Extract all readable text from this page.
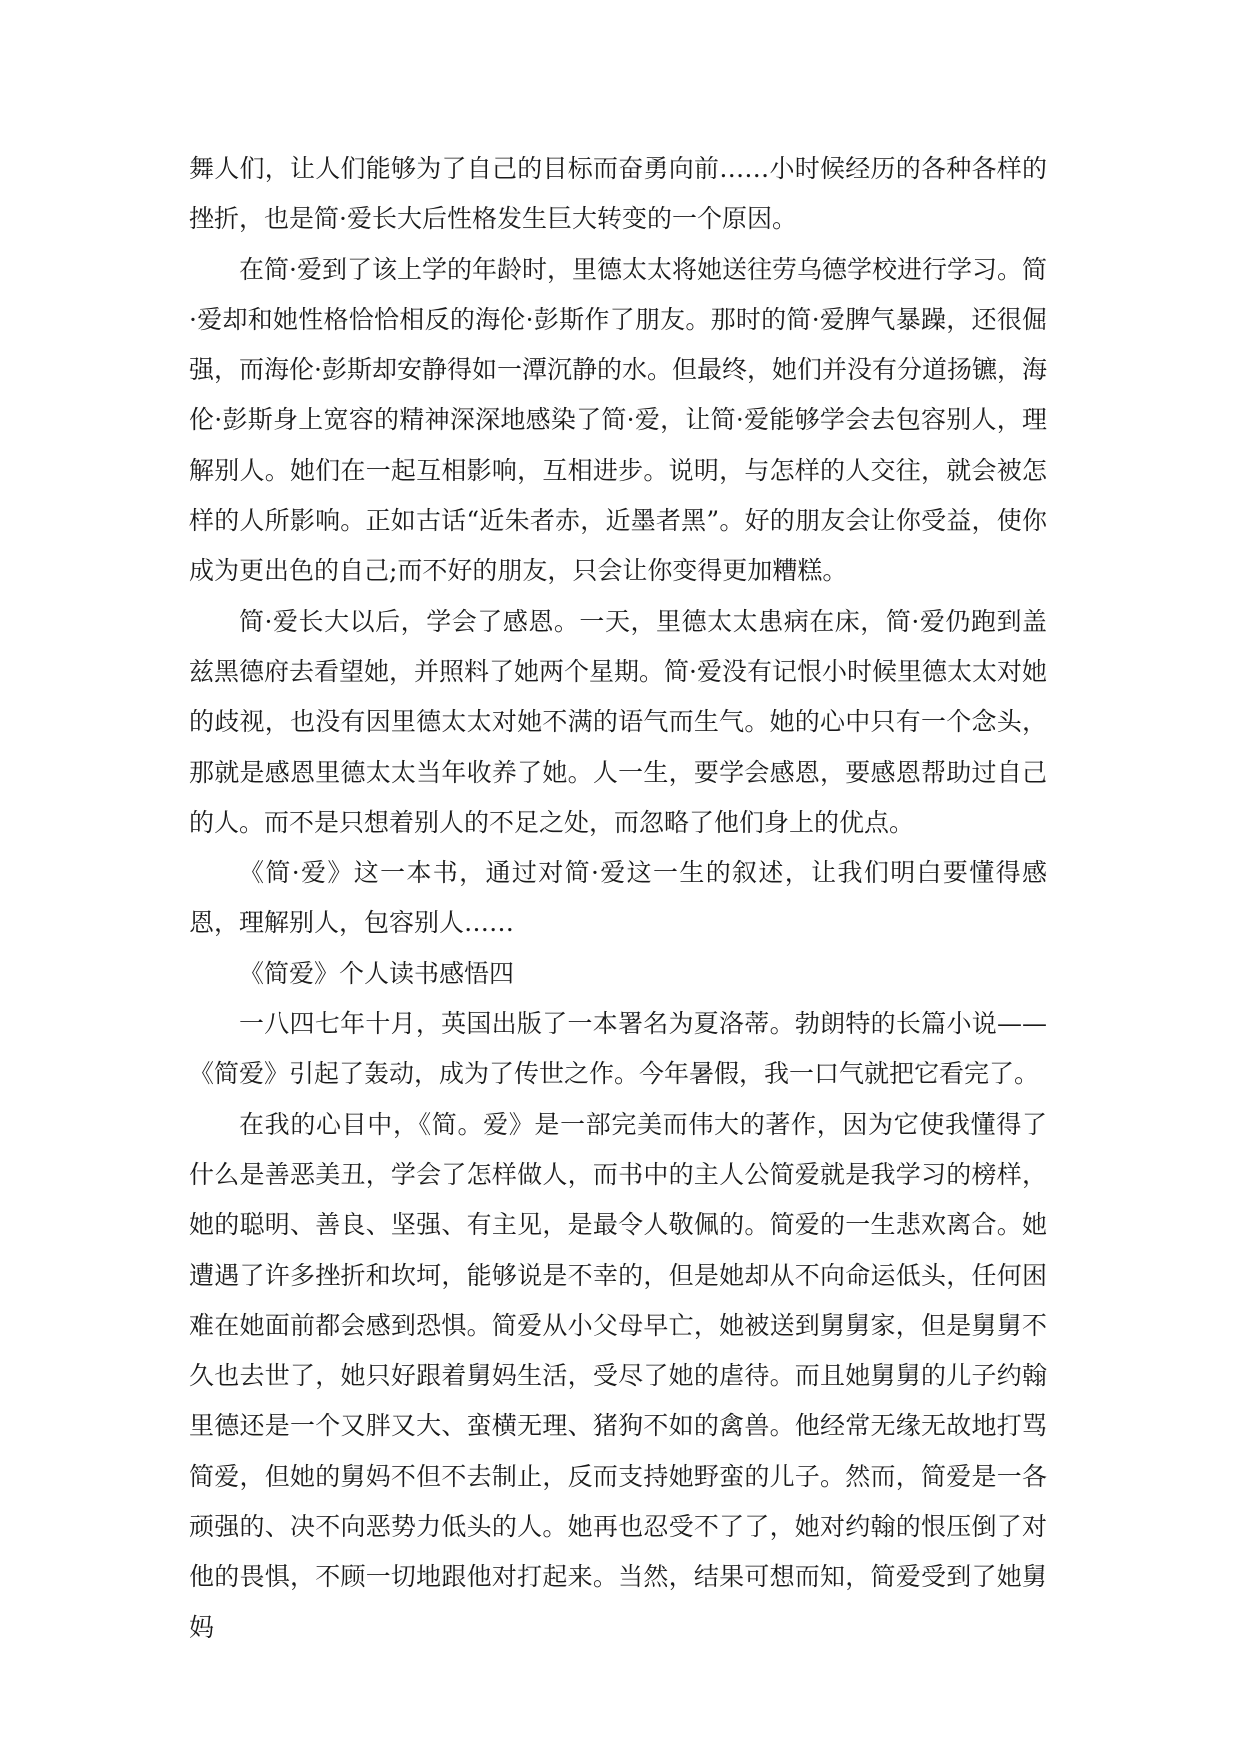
舞人们，让人们能够为了自己的目标而奋勇向前……小时候经历的各种各样的挫折，也是简·爱长大后性格发生巨大转变的一个原因。

在简·爱到了该上学的年龄时，里德太太将她送往劳乌德学校进行学习。简·爱却和她性格恰恰相反的海伦·彭斯作了朋友。那时的简·爱脾气暴躁，还很倔强，而海伦·彭斯却安静得如一潭沉静的水。但最终，她们并没有分道扬镳，海伦·彭斯身上宽容的精神深深地感染了简·爱，让简·爱能够学会去包容别人，理解别人。她们在一起互相影响，互相进步。说明，与怎样的人交往，就会被怎样的人所影响。正如古话“近朱者赤，近墨者黑”。好的朋友会让你受益，使你成为更出色的自己;而不好的朋友，只会让你变得更加糟糕。

简·爱长大以后，学会了感恩。一天，里德太太患病在床，简·爱仍跑到盖兹黑德府去看望她，并照料了她两个星期。简·爱没有记恨小时候里德太太对她的歧视，也没有因里德太太对她不满的语气而生气。她的心中只有一个念头，那就是感恩里德太太当年收养了她。人一生，要学会感恩，要感恩帮助过自己的人。而不是只想着别人的不足之处，而忽略了他们身上的优点。

《简·爱》这一本书，通过对简·爱这一生的叙述，让我们明白要懂得感恩，理解别人，包容别人……

《简爱》个人读书感悟四

一八四七年十月，英国出版了一本署名为夏洛蒂。勃朗特的长篇小说——《简爱》引起了轰动，成为了传世之作。今年暑假，我一口气就把它看完了。

在我的心目中，《简。爱》是一部完美而伟大的著作，因为它使我懂得了什么是善恶美丑，学会了怎样做人，而书中的主人公简爱就是我学习的榜样，她的聪明、善良、坚强、有主见，是最令人敬佩的。简爱的一生悲欢离合。她遭遇了许多挫折和坎坷，能够说是不幸的，但是她却从不向命运低头，任何困难在她面前都会感到恐惧。简爱从小父母早亡，她被送到舅舅家，但是舅舅不久也去世了，她只好跟着舅妈生活，受尽了她的虐待。而且她舅舅的儿子约翰里德还是一个又胖又大、蛮横无理、猪狗不如的禽兽。他经常无缘无故地打骂简爱，但她的舅妈不但不去制止，反而支持她野蛮的儿子。然而，简爱是一各顽强的、决不向恶势力低头的人。她再也忍受不了了，她对约翰的恨压倒了对他的畏惧，不顾一切地跟他对打起来。当然，结果可想而知，简爱受到了她舅妈
